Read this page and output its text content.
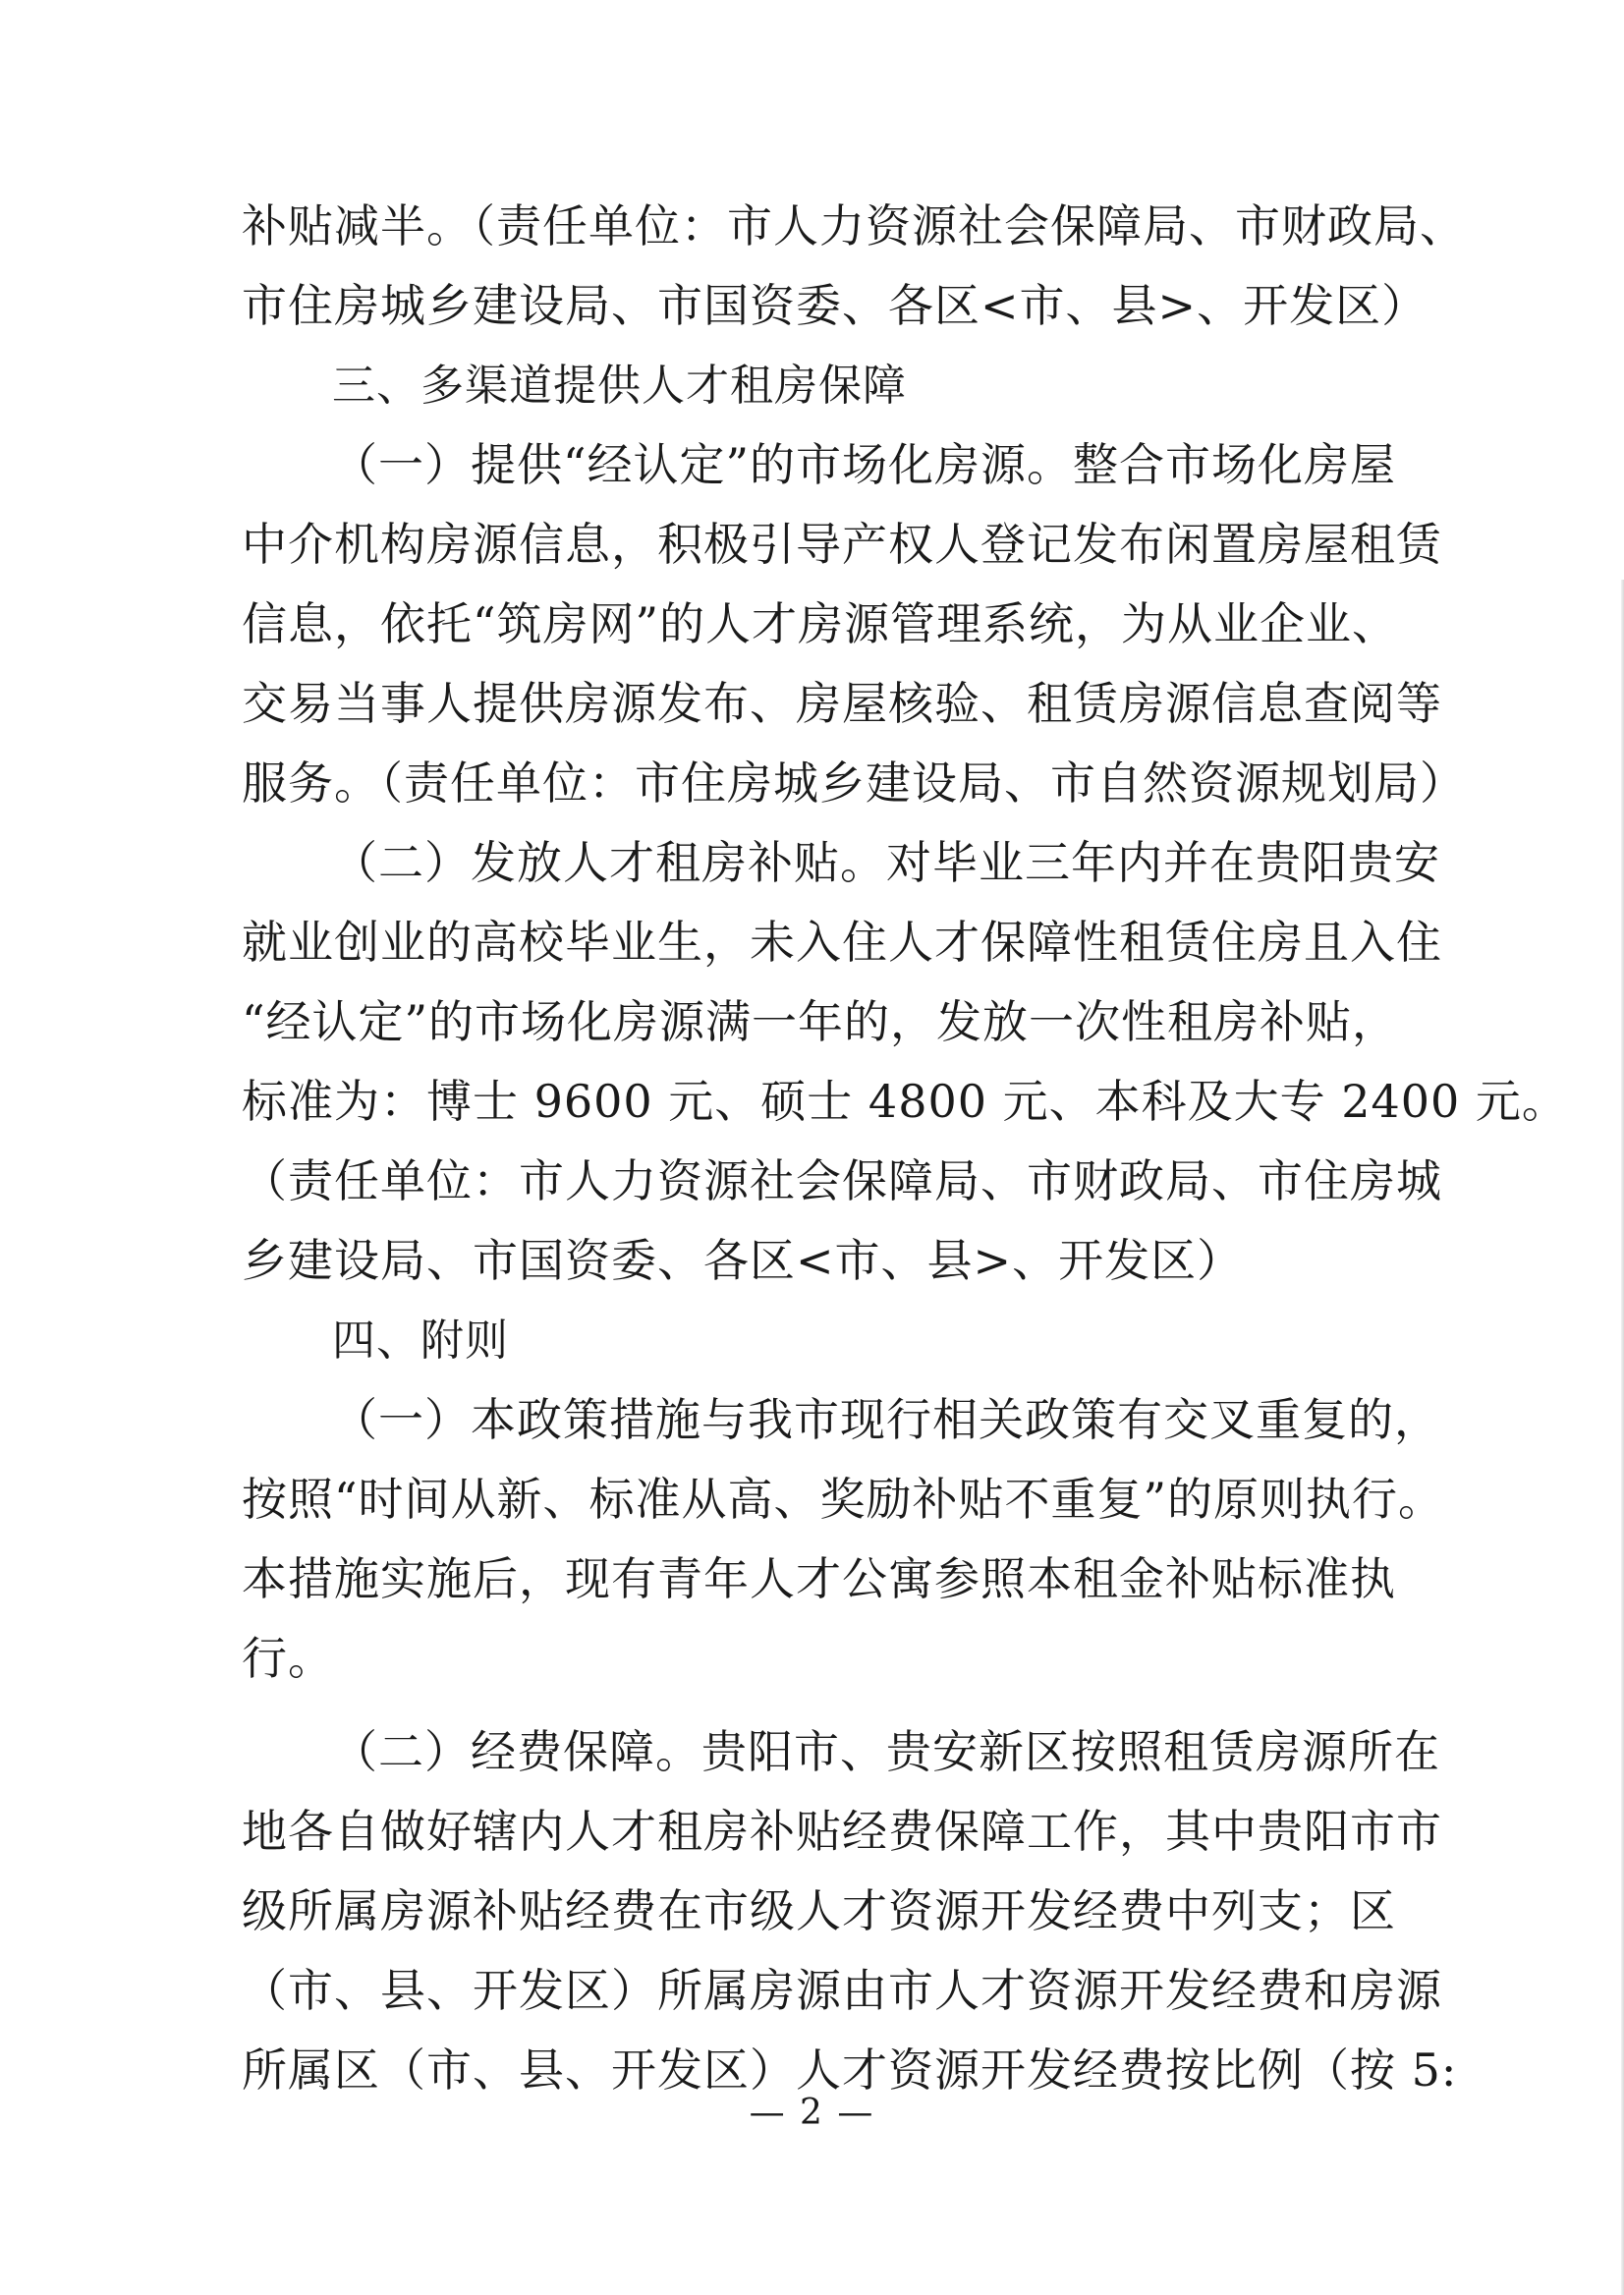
补贴减半。（责任单位：市人力资源社会保障局、市财政局、
市住房城乡建设局、市国资委、各区<市、县>、开发区）
三、多渠道提供人才租房保障
（一）提供“经认定”的市场化房源。整合市场化房屋
中介机构房源信息，积极引导产权人登记发布闲置房屋租赁
信息，依托“筑房网”的人才房源管理系统，为从业企业、
交易当事人提供房源发布、房屋核验、租赁房源信息查阅等
服务。（责任单位：市住房城乡建设局、市自然资源规划局）
（二）发放人才租房补贴。对毕业三年内并在贵阳贵安
就业创业的高校毕业生，未入住人才保障性租赁住房且入住
“经认定”的市场化房源满一年的，发放一次性租房补贴，
标准为：博士 9600 元、硕士 4800 元、本科及大专 2400 元。
（责任单位：市人力资源社会保障局、市财政局、市住房城
乡建设局、市国资委、各区<市、县>、开发区）
四、附则
（一）本政策措施与我市现行相关政策有交叉重复的，
按照“时间从新、标准从高、奖励补贴不重复”的原则执行。
本措施实施后，现有青年人才公寓参照本租金补贴标准执
行。
（二）经费保障。贵阳市、贵安新区按照租赁房源所在
地各自做好辖内人才租房补贴经费保障工作，其中贵阳市市
级所属房源补贴经费在市级人才资源开发经费中列支；区
（市、县、开发区）所属房源由市人才资源开发经费和房源
所属区（市、县、开发区）人才资源开发经费按比例（按 5:
— 2 —
